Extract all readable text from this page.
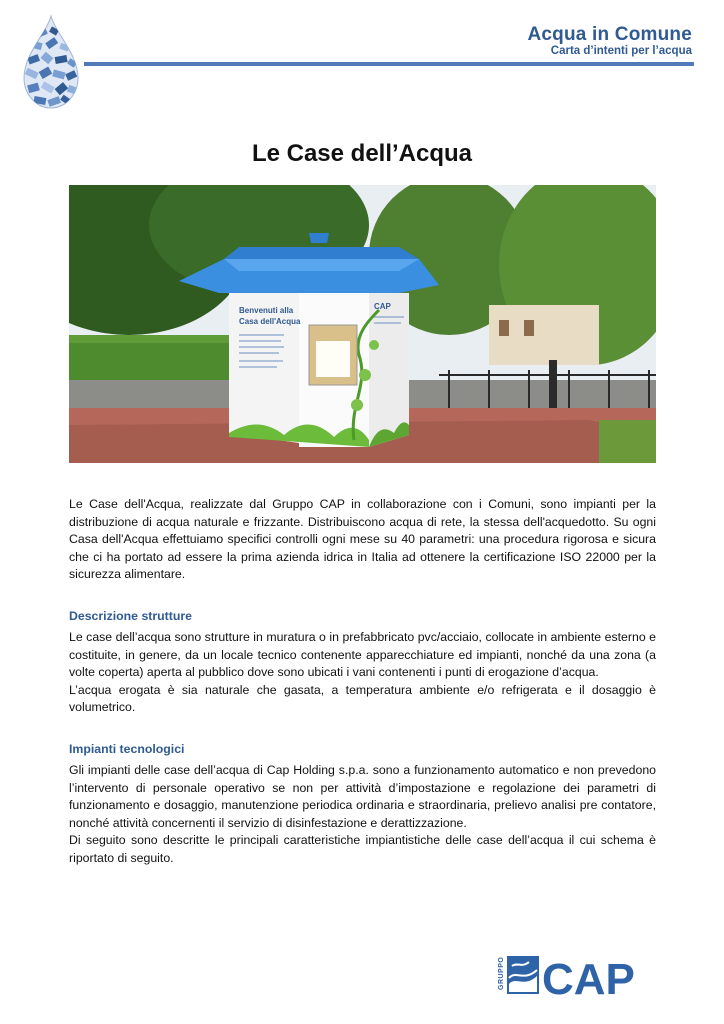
Acqua in Comune
Carta d’intenti per l’acqua
Le Case dell’Acqua
Benvenuti alla
Casa dell'Acqua
CAP

Le Case dell'Acqua, realizzate dal Gruppo CAP in collaborazione con i Comuni, sono impianti per la distribuzione di acqua naturale e frizzante. Distribuiscono acqua di rete, la stessa dell'acquedotto. Su ogni Casa dell'Acqua effettuiamo specifici controlli ogni mese su 40 parametri: una procedura rigorosa e sicura che ci ha portato ad essere la prima azienda idrica in Italia ad ottenere la certificazione ISO 22000 per la sicurezza alimentare.

Descrizione strutture

Le case dell’acqua sono strutture in muratura o in prefabbricato pvc/acciaio, collocate in ambiente esterno e costituite, in genere, da un locale tecnico contenente apparecchiature ed impianti, nonché da una zona (a volte coperta) aperta al pubblico dove sono ubicati i vani contenenti i punti di erogazione d’acqua.

L’acqua erogata è sia naturale che gasata, a temperatura ambiente e/o refrigerata e il dosaggio è volumetrico.

Impianti tecnologici

Gli impianti delle case dell’acqua di Cap Holding s.p.a. sono a funzionamento automatico e non prevedono l’intervento di personale operativo se non per attività d’impostazione e regolazione dei parametri di funzionamento e dosaggio, manutenzione periodica ordinaria e straordinaria, prelievo analisi pre contatore, nonché attività concernenti il servizio di disinfestazione e derattizzazione.

Di seguito sono descritte le principali caratteristiche impiantistiche delle case dell’acqua il cui schema è riportato di seguito.

GRUPPO CAP
